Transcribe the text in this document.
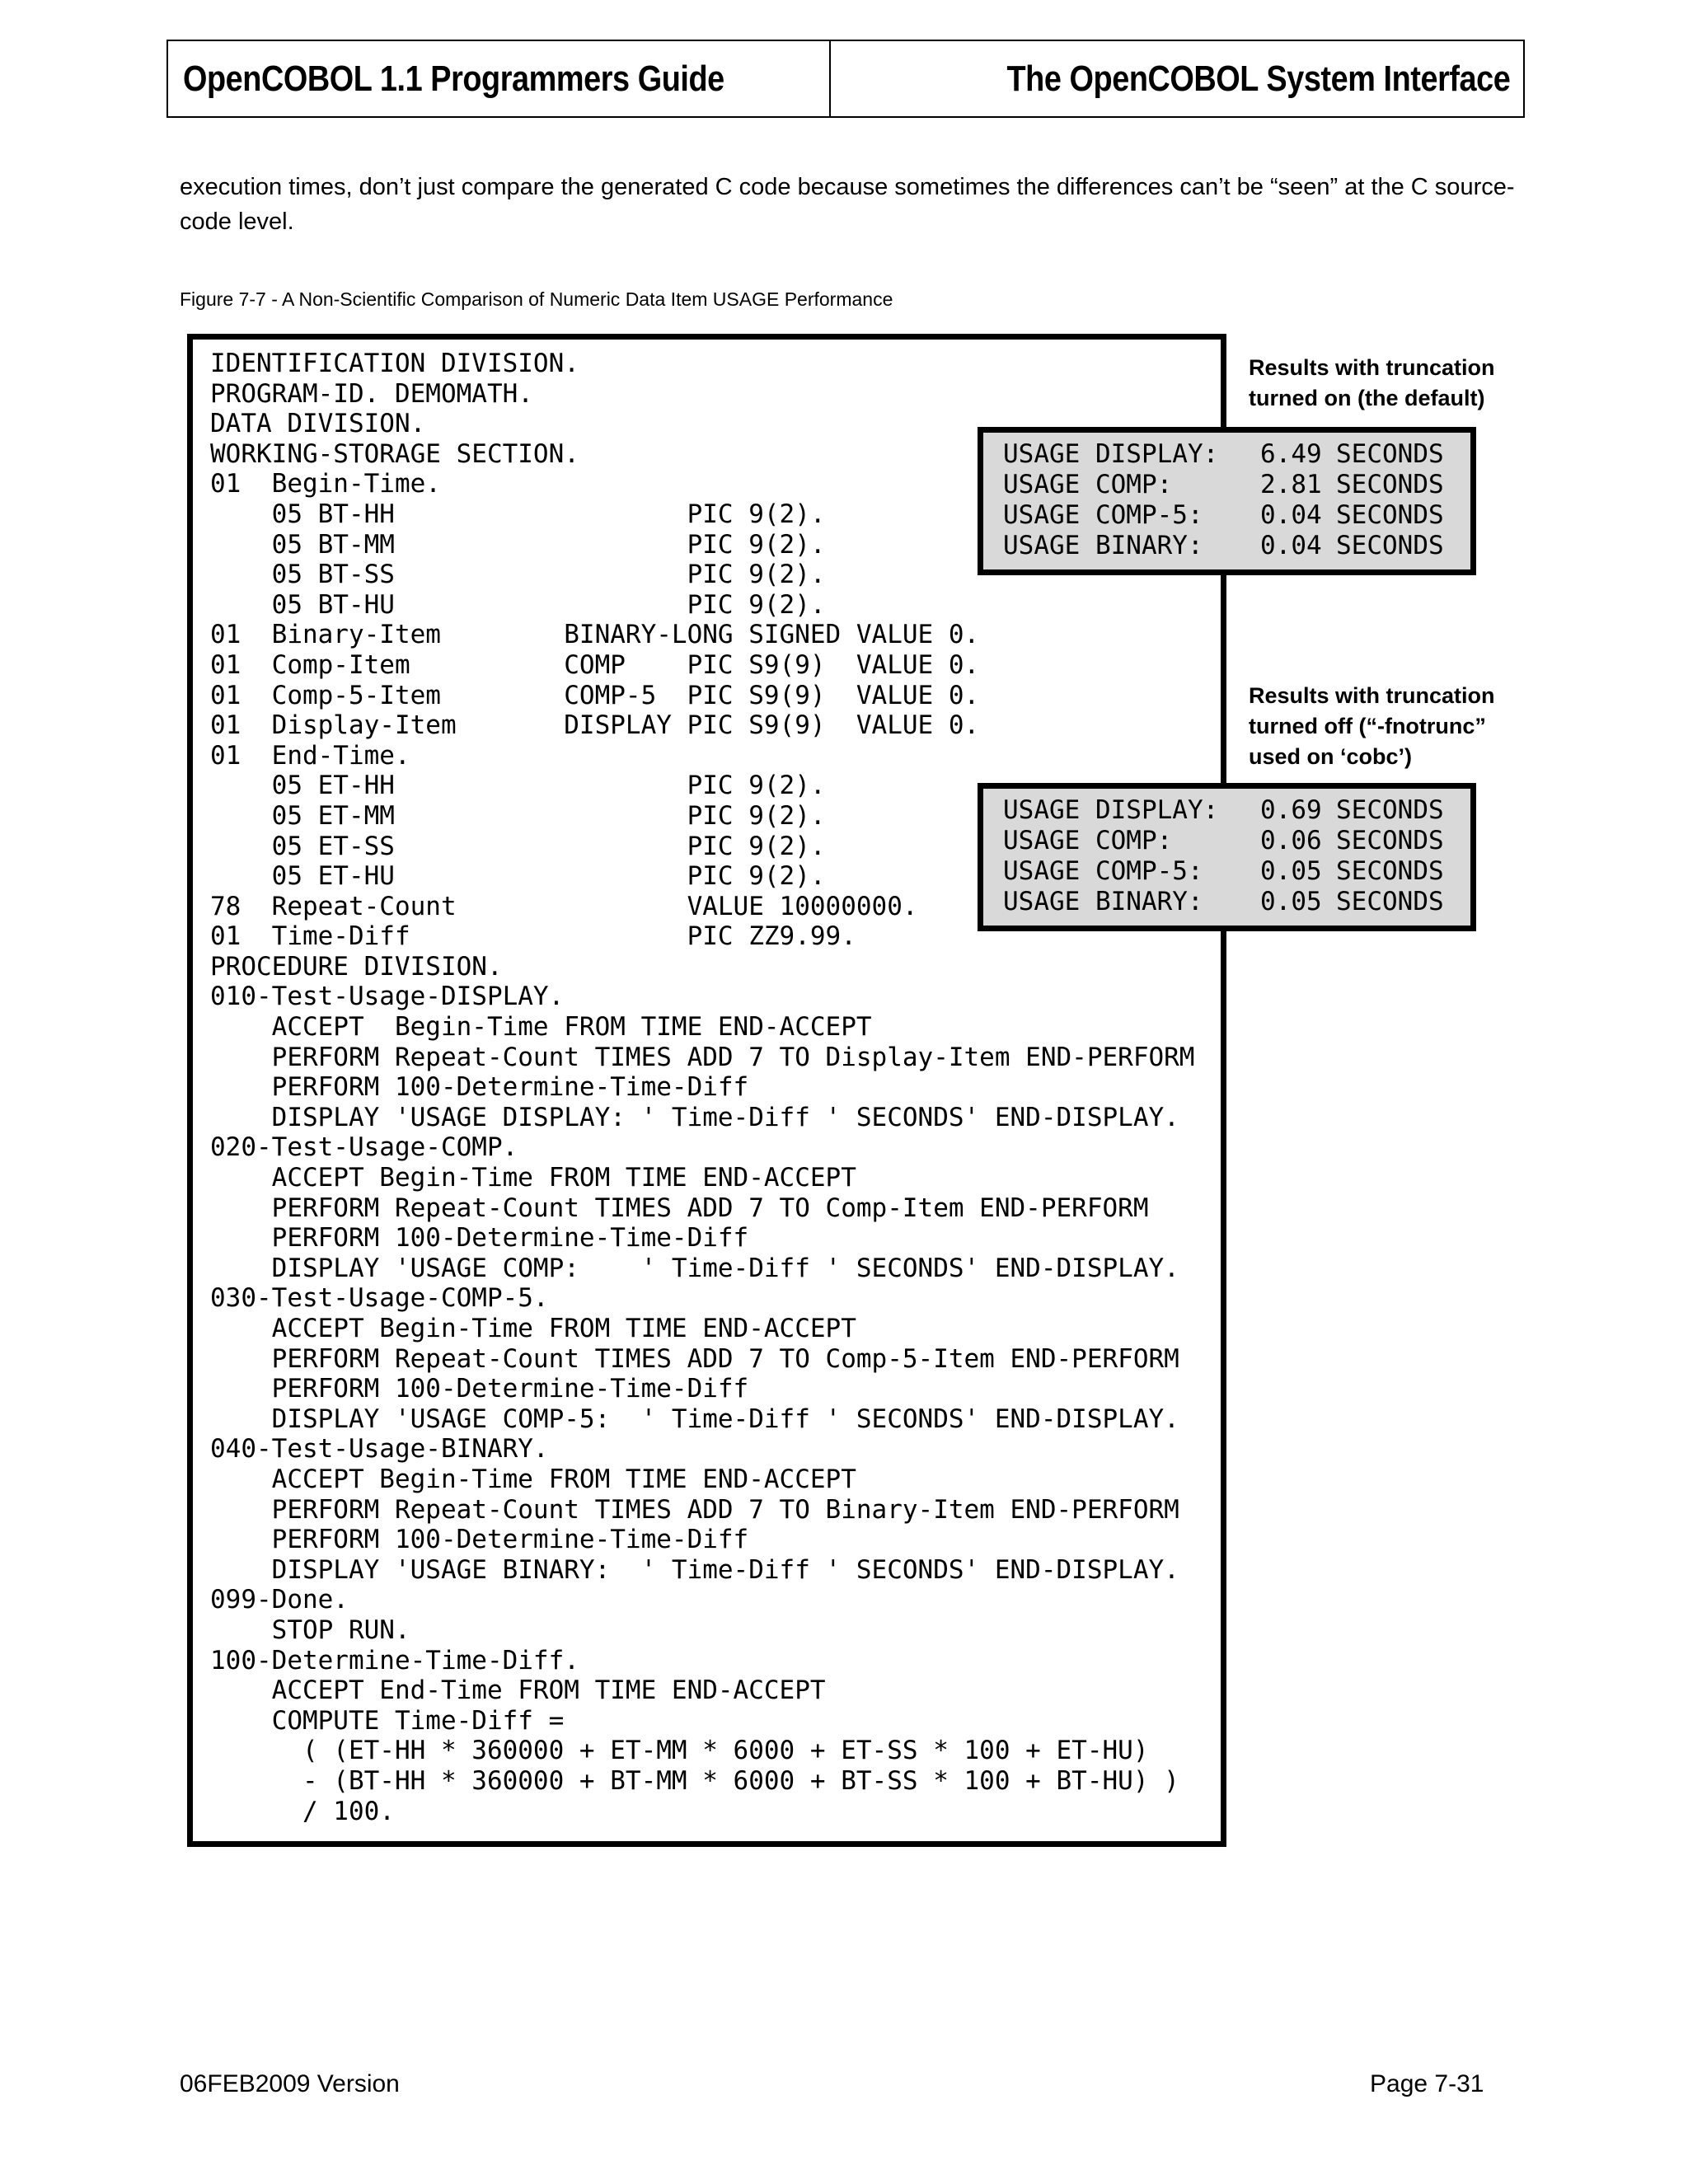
OpenCOBOL 1.1 Programmers Guide	The OpenCOBOL System Interface
execution times, don’t just compare the generated C code because sometimes the differences can’t be “seen” at the C source-code level.
Figure 7-7 - A Non-Scientific Comparison of Numeric Data Item USAGE Performance
IDENTIFICATION DIVISION.
PROGRAM-ID. DEMOMATH.
DATA DIVISION.
WORKING-STORAGE SECTION.
01  Begin-Time.
05 BT-HH                   PIC 9(2).
05 BT-MM                   PIC 9(2).
05 BT-SS                   PIC 9(2).
05 BT-HU                   PIC 9(2).
01  Binary-Item        BINARY-LONG SIGNED VALUE 0.
01  Comp-Item          COMP    PIC S9(9)  VALUE 0.
01  Comp-5-Item        COMP-5  PIC S9(9)  VALUE 0.
01  Display-Item       DISPLAY PIC S9(9)  VALUE 0.
01  End-Time.
05 ET-HH                   PIC 9(2).
05 ET-MM                   PIC 9(2).
05 ET-SS                   PIC 9(2).
05 ET-HU                   PIC 9(2).
78  Repeat-Count               VALUE 10000000.
01  Time-Diff                  PIC ZZ9.99.
PROCEDURE DIVISION.
010-Test-Usage-DISPLAY.
ACCEPT  Begin-Time FROM TIME END-ACCEPT
PERFORM Repeat-Count TIMES ADD 7 TO Display-Item END-PERFORM
PERFORM 100-Determine-Time-Diff
DISPLAY 'USAGE DISPLAY: ' Time-Diff ' SECONDS' END-DISPLAY.
020-Test-Usage-COMP.
ACCEPT Begin-Time FROM TIME END-ACCEPT
PERFORM Repeat-Count TIMES ADD 7 TO Comp-Item END-PERFORM
PERFORM 100-Determine-Time-Diff
DISPLAY 'USAGE COMP:    ' Time-Diff ' SECONDS' END-DISPLAY.
030-Test-Usage-COMP-5.
ACCEPT Begin-Time FROM TIME END-ACCEPT
PERFORM Repeat-Count TIMES ADD 7 TO Comp-5-Item END-PERFORM
PERFORM 100-Determine-Time-Diff
DISPLAY 'USAGE COMP-5:  ' Time-Diff ' SECONDS' END-DISPLAY.
040-Test-Usage-BINARY.
ACCEPT Begin-Time FROM TIME END-ACCEPT
PERFORM Repeat-Count TIMES ADD 7 TO Binary-Item END-PERFORM
PERFORM 100-Determine-Time-Diff
DISPLAY 'USAGE BINARY:  ' Time-Diff ' SECONDS' END-DISPLAY.
099-Done.
STOP RUN.
100-Determine-Time-Diff.
ACCEPT End-Time FROM TIME END-ACCEPT
COMPUTE Time-Diff =
( (ET-HH * 360000 + ET-MM * 6000 + ET-SS * 100 + ET-HU)
- (BT-HH * 360000 + BT-MM * 6000 + BT-SS * 100 + BT-HU) )
/ 100.
Results with truncation
turned on (the default)
USAGE DISPLAY:	6.49 SECONDS
USAGE COMP:	2.81 SECONDS
USAGE COMP-5:	0.04 SECONDS
USAGE BINARY:	0.04 SECONDS
Results with truncation
turned off (“-fnotrunc”
used on ‘cobc’)
USAGE DISPLAY:	0.69 SECONDS
USAGE COMP:	0.06 SECONDS
USAGE COMP-5:	0.05 SECONDS
USAGE BINARY:	0.05 SECONDS
06FEB2009 Version	Page 7-31
